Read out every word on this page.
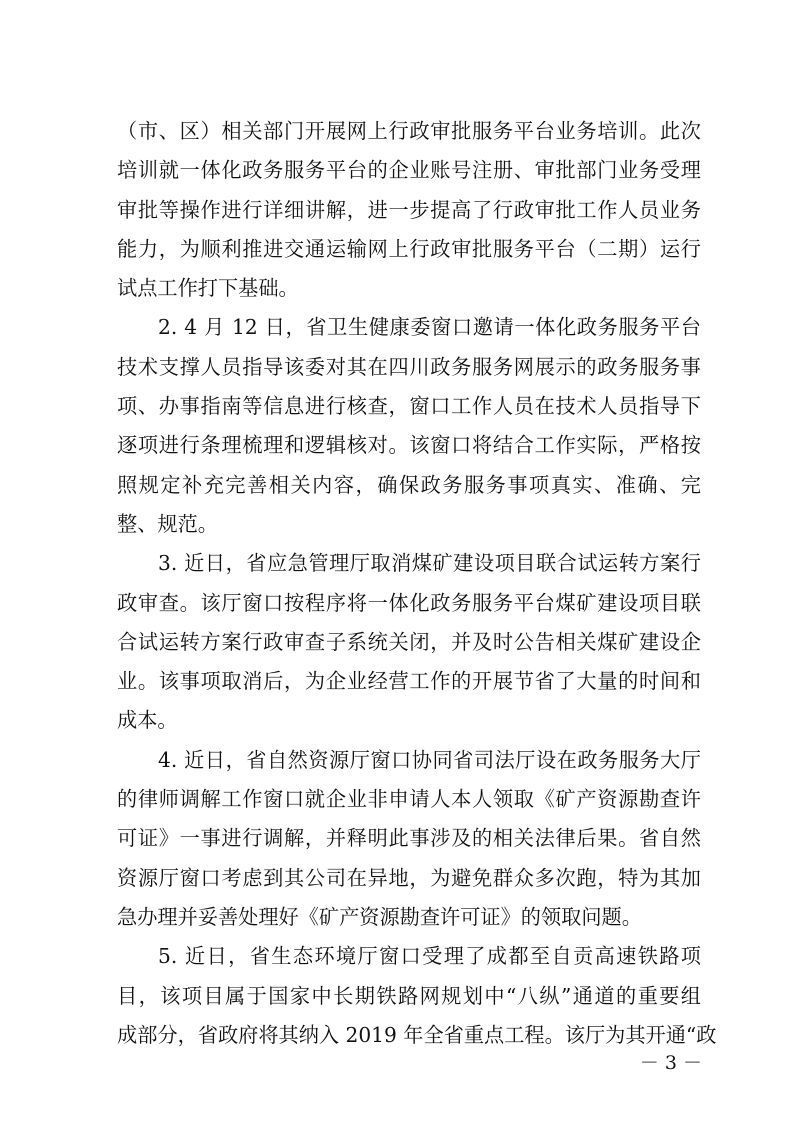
（市、区）相关部门开展网上行政审批服务平台业务培训。此次
培训就一体化政务服务平台的企业账号注册、审批部门业务受理
审批等操作进行详细讲解，进一步提高了行政审批工作人员业务
能力，为顺利推进交通运输网上行政审批服务平台（二期）运行
试点工作打下基础。
2. 4 月 12 日，省卫生健康委窗口邀请一体化政务服务平台
技术支撑人员指导该委对其在四川政务服务网展示的政务服务事
项、办事指南等信息进行核查，窗口工作人员在技术人员指导下
逐项进行条理梳理和逻辑核对。该窗口将结合工作实际，严格按
照规定补充完善相关内容，确保政务服务事项真实、准确、完
整、规范。
3. 近日，省应急管理厅取消煤矿建设项目联合试运转方案行
政审查。该厅窗口按程序将一体化政务服务平台煤矿建设项目联
合试运转方案行政审查子系统关闭，并及时公告相关煤矿建设企
业。该事项取消后，为企业经营工作的开展节省了大量的时间和
成本。
4. 近日，省自然资源厅窗口协同省司法厅设在政务服务大厅
的律师调解工作窗口就企业非申请人本人领取《矿产资源勘查许
可证》一事进行调解，并释明此事涉及的相关法律后果。省自然
资源厅窗口考虑到其公司在异地，为避免群众多次跑，特为其加
急办理并妥善处理好《矿产资源勘查许可证》的领取问题。
5. 近日，省生态环境厅窗口受理了成都至自贡高速铁路项
目，该项目属于国家中长期铁路网规划中“八纵”通道的重要组
成部分，省政府将其纳入 2019 年全省重点工程。该厅为其开通“政
－ 3 －
